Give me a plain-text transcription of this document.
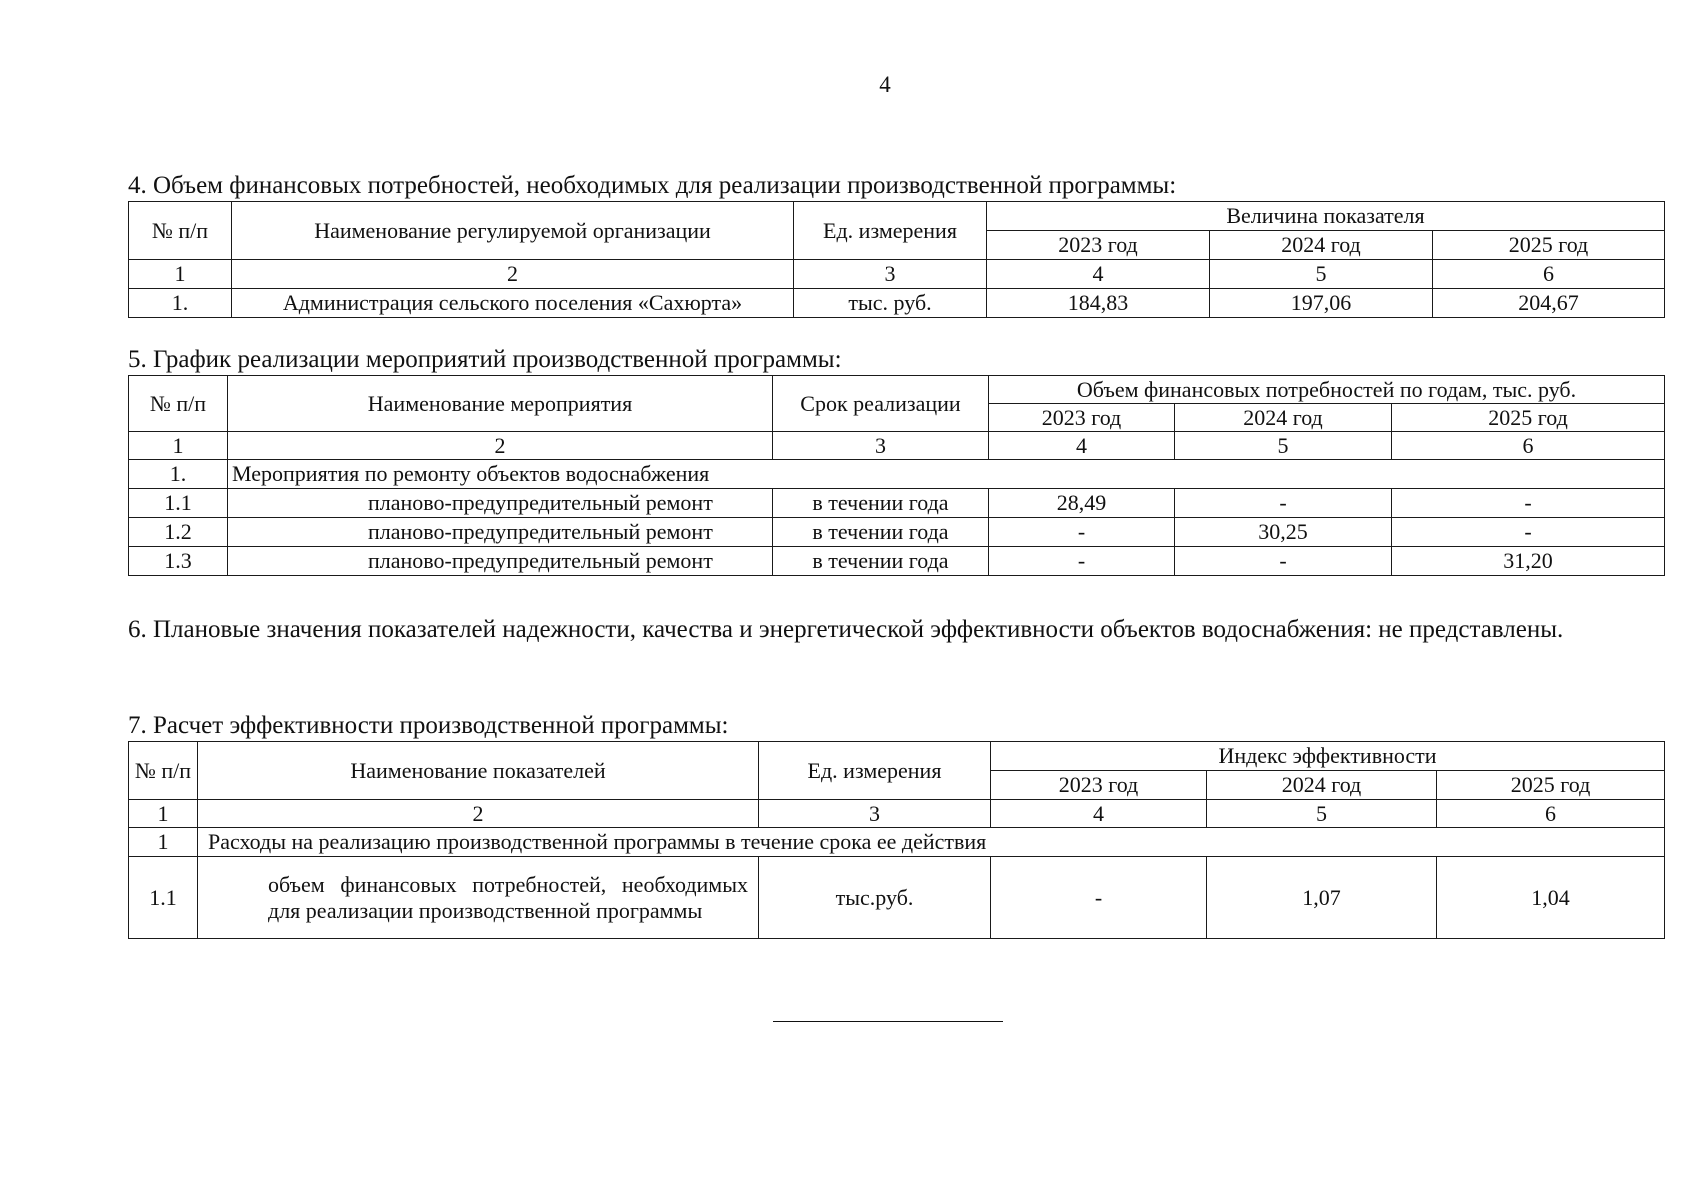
4
4. Объем финансовых потребностей, необходимых для реализации производственной программы:
№ п/п	Наименование регулируемой организации	Ед. измерения	Величина показателя		
			2023 год	2024 год	2025 год
1	2	3	4	5	6
1.	Администрация сельского поселения «Сахюрта»	тыс. руб.	184,83	197,06	204,67
5. График реализации мероприятий производственной программы:
№ п/п	Наименование мероприятия	Срок реализации	Объем финансовых потребностей по годам, тыс. руб.		
			2023 год	2024 год	2025 год
1	2	3	4	5	6
1.	Мероприятия по ремонту объектов водоснабжения				
1.1	планово-предупредительный ремонт	в течении года	28,49	-	-
1.2	планово-предупредительный ремонт	в течении года	-	30,25	-
1.3	планово-предупредительный ремонт	в течении года	-	-	31,20
6. Плановые значения показателей надежности, качества и энергетической эффективности объектов водоснабжения: не представлены.
7. Расчет эффективности производственной программы:
№ п/п	Наименование показателей	Ед. измерения	Индекс эффективности		
			2023 год	2024 год	2025 год
1	2	3	4	5	6
1	Расходы на реализацию производственной программы в течение срока ее действия				
1.1	объем финансовых потребностей, необходимых для реализации производственной программы	тыс.руб.	-	1,07	1,04
